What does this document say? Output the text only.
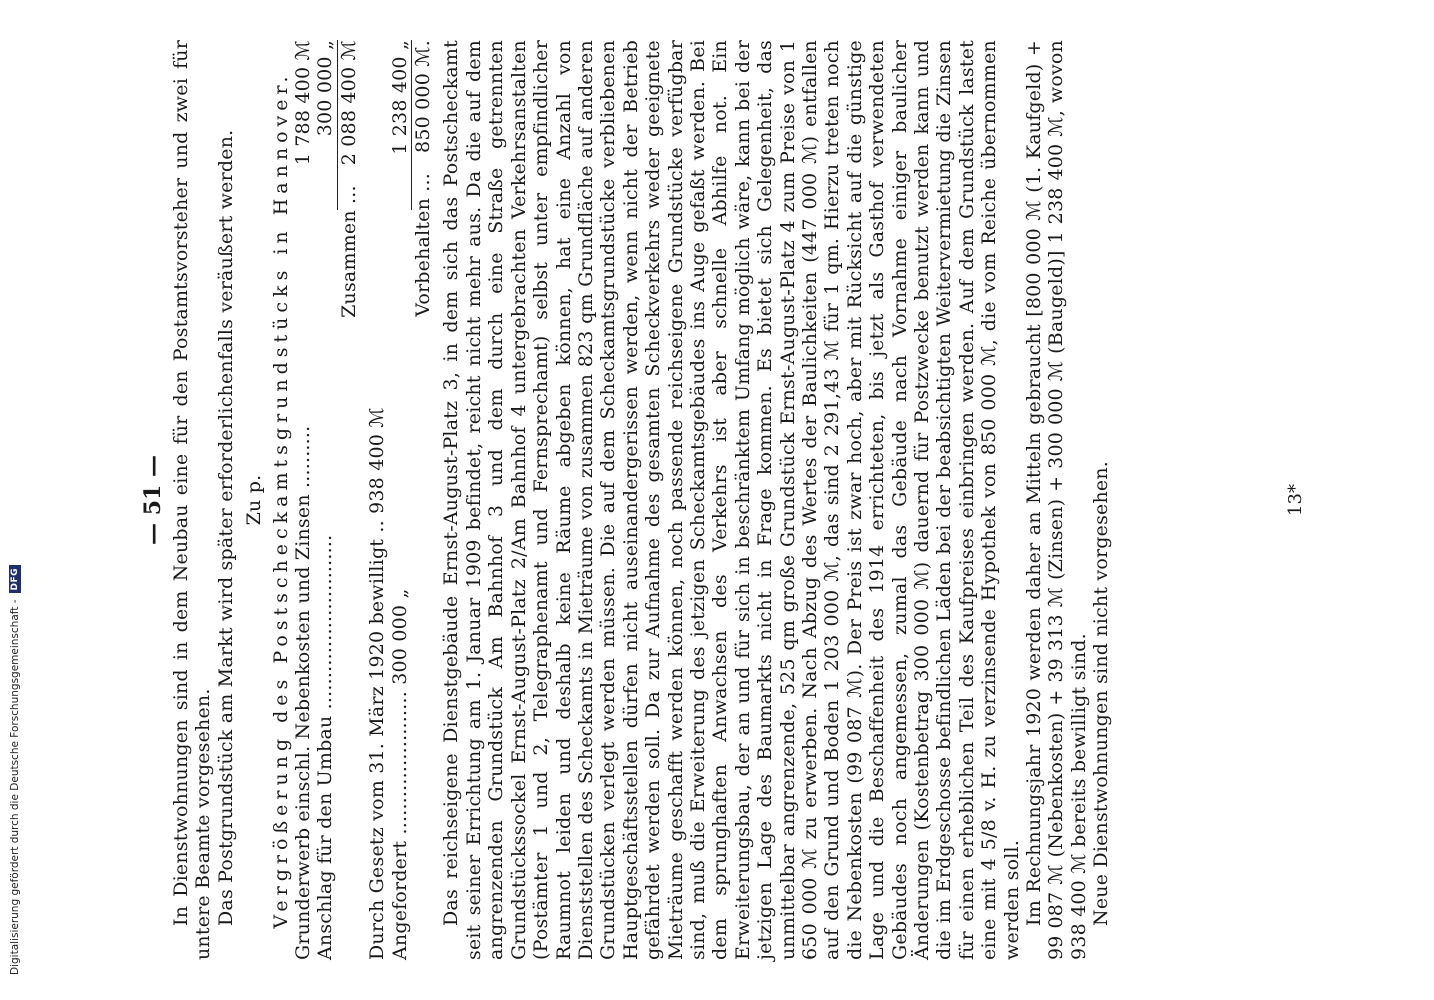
Digitalisierung gefördert durch die Deutsche Forschungsgemeinschaft -
DFG
— 51 — In Dienstwohnungen sind in dem Neubau eine für den Postamtsvorsteher und zwei für untere Beamte vorgesehen. Das Postgrundstück am Markt wird später erforderlichenfalls veräußert werden. Zu p. Vergrößerung des Postscheckamtsgrundstücks in Hannover. Grunderwerb einschl. Nebenkosten und Zinsen ..........
1 788 400 ℳ
Anschlag für den Umbau ............................
300 000 „
Zusammen ...
2 088 400 ℳ
Durch Gesetz vom 31. März 1920 bewilligt .. 938 400 ℳ Angefordert ....................... 300 000 „
1 238 400 „
Vorbehalten ...
850 000 ℳ. Das reichseigene Dienstgebäude Ernst-August-Platz 3, in dem sich das Postscheckamt seit seiner Errichtung am 1. Januar 1909 befindet, reicht nicht mehr aus. Da die auf dem angrenzenden Grundstück Am Bahnhof 3 und dem durch eine Straße getrennten Grundstückssockel Ernst-August-Platz 2/Am Bahnhof 4 untergebrachten Verkehrsanstalten (Postämter 1 und 2, Telegraphenamt und Fernsprechamt) selbst unter empfindlicher Raumnot leiden und deshalb keine Räume abgeben können, hat eine Anzahl von Dienststellen des Scheckamts in Mieträume von zusammen 823 qm Grundfläche auf anderen Grundstücken verlegt werden müssen. Die auf dem Scheckamtsgrundstücke verbliebenen Hauptgeschäftsstellen dürfen nicht auseinandergerissen werden, wenn nicht der Betrieb gefährdet werden soll. Da zur Aufnahme des gesamten Scheckverkehrs weder geeignete Mieträume geschafft werden können, noch passende reichseigene Grundstücke verfügbar sind, muß die Erweiterung des jetzigen Scheckamtsgebäudes ins Auge gefaßt werden. Bei dem sprunghaften Anwachsen des Verkehrs ist aber schnelle Abhilfe not. Ein Erweiterungsbau, der an und für sich in beschränktem Umfang möglich wäre, kann bei der jetzigen Lage des Baumarkts nicht in Frage kommen. Es bietet sich Gelegenheit, das unmittelbar angrenzende, 525 qm große Grundstück Ernst-August-Platz 4 zum Preise von 1 650 000 ℳ zu erwerben. Nach Abzug des Wertes der Baulichkeiten (447 000 ℳ) entfallen auf den Grund und Boden 1 203 000 ℳ, das sind 2 291,43 ℳ für 1 qm. Hierzu treten noch die Nebenkosten (99 087 ℳ). Der Preis ist zwar hoch, aber mit Rücksicht auf die günstige Lage und die Beschaffenheit des 1914 errichteten, bis jetzt als Gasthof verwendeten Gebäudes noch angemessen, zumal das Gebäude nach Vornahme einiger baulicher Änderungen (Kostenbetrag 300 000 ℳ) dauernd für Postzwecke benutzt werden kann und die im Erdgeschosse befindlichen Läden bei der beabsichtigten Weitervermietung die Zinsen für einen erheblichen Teil des Kaufpreises einbringen werden. Auf dem Grundstück lastet eine mit 4 5/8 v. H. zu verzinsende Hypothek von 850 000 ℳ, die vom Reiche übernommen werden soll. Im Rechnungsjahr 1920 werden daher an Mitteln gebraucht [800 000 ℳ (1. Kaufgeld) + 99 087 ℳ (Nebenkosten) + 39 313 ℳ (Zinsen) + 300 000 ℳ (Baugeld)] 1 238 400 ℳ, wovon 938 400 ℳ bereits bewilligt sind. Neue Dienstwohnungen sind nicht vorgesehen.	13*
